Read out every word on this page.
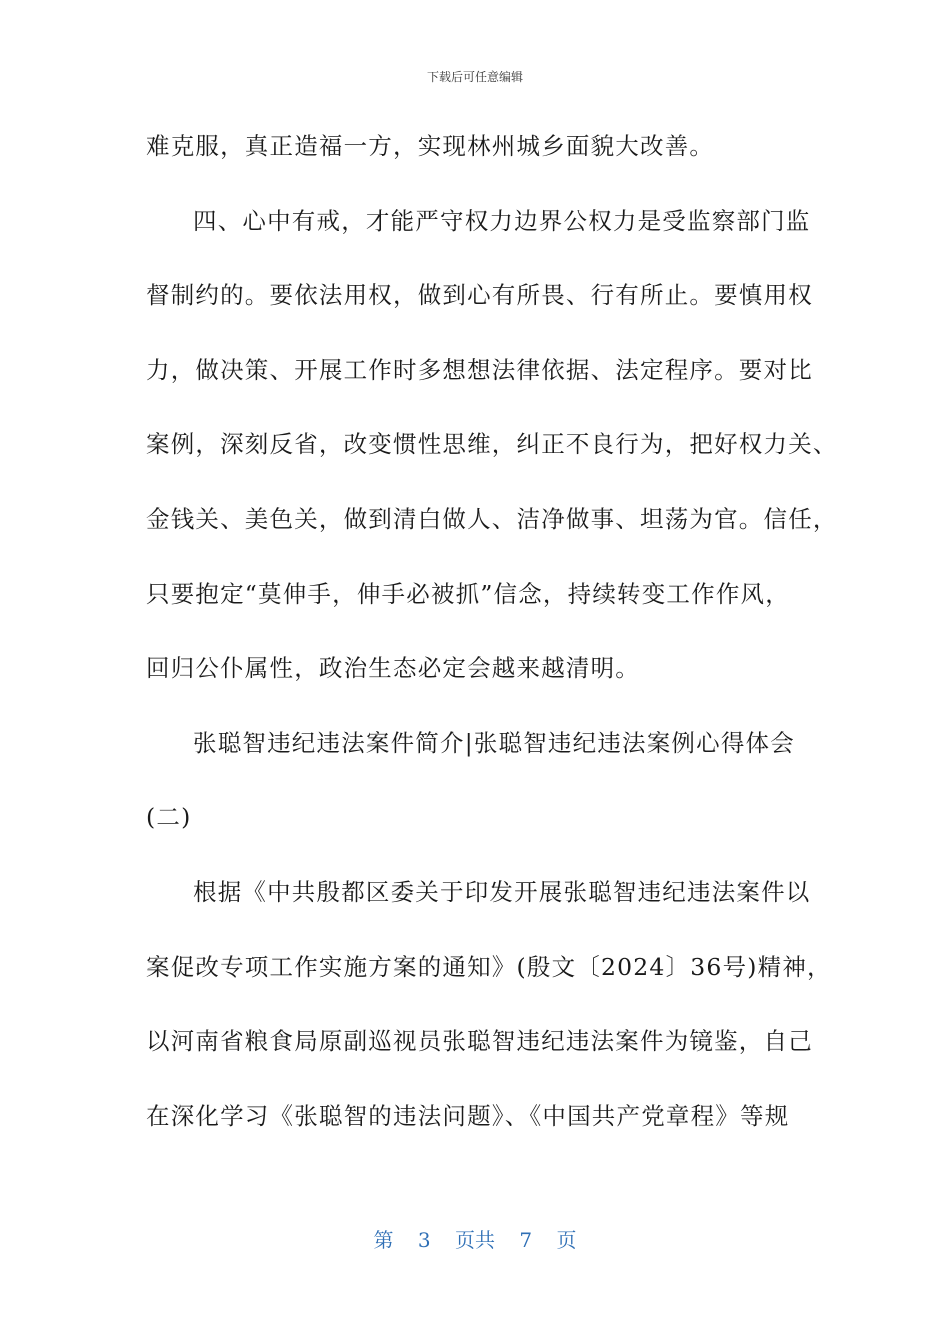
下载后可任意编辑
难克服，真正造福一方，实现林州城乡面貌大改善。
四、心中有戒，才能严守权力边界公权力是受监察部门监
督制约的。要依法用权，做到心有所畏、行有所止。要慎用权
力，做决策、开展工作时多想想法律依据、法定程序。要对比
案例，深刻反省，改变惯性思维，纠正不良行为，把好权力关、
金钱关、美色关，做到清白做人、洁净做事、坦荡为官。信任，
只要抱定“莫伸手，伸手必被抓”信念，持续转变工作作风，
回归公仆属性，政治生态必定会越来越清明。
张聪智违纪违法案件简介|张聪智违纪违法案例心得体会
(二)
根据《中共殷都区委关于印发开展张聪智违纪违法案件以
案促改专项工作实施方案的通知》(殷文〔2024〕36号)精神，
以河南省粮食局原副巡视员张聪智违纪违法案件为镜鉴，自己
在深化学习《张聪智的违法问题》、《中国共产党章程》等规
第 3 页共 7 页
